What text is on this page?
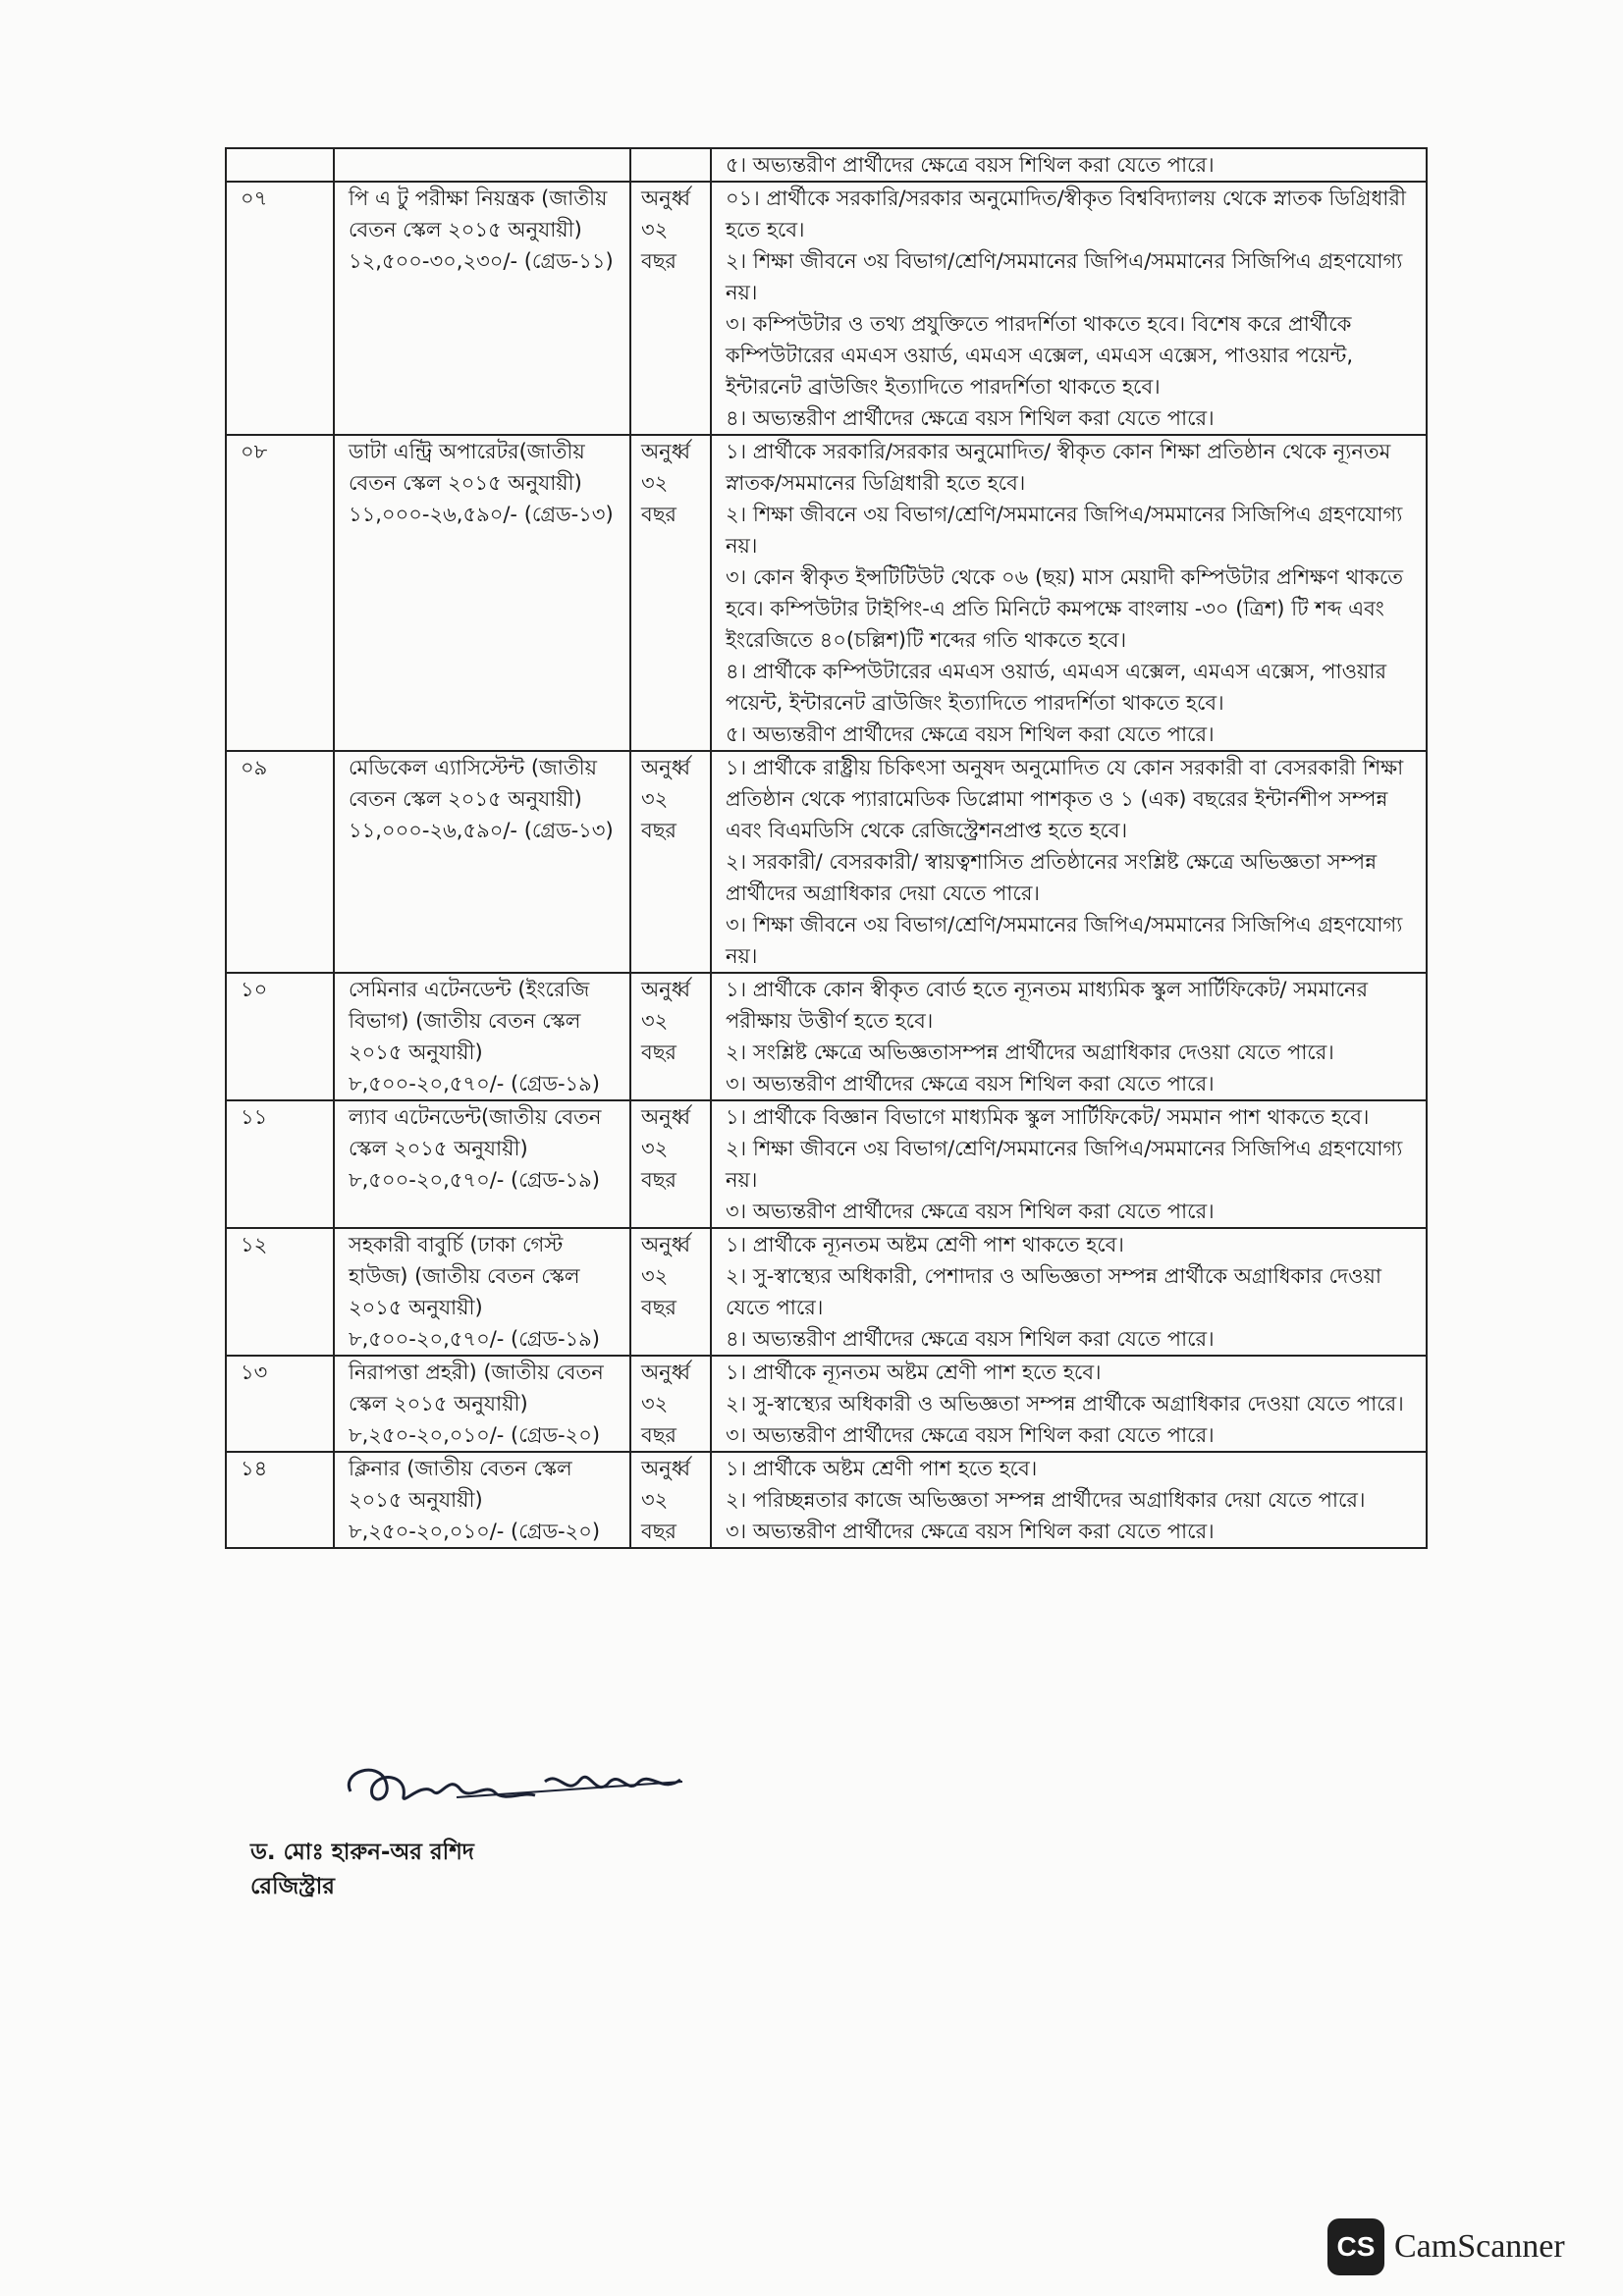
			৫। অভ্যন্তরীণ প্রার্থীদের ক্ষেত্রে বয়স শিথিল করা যেতে পারে।
০৭	পি এ টু পরীক্ষা নিয়ন্ত্রক (জাতীয় বেতন স্কেল ২০১৫ অনুযায়ী) ১২,৫০০-৩০,২৩০/- (গ্রেড-১১)	অনুর্ধ্ব ৩২ বছর	০১। প্রার্থীকে সরকারি/সরকার অনুমোদিত/স্বীকৃত বিশ্ববিদ্যালয় থেকে স্নাতক ডিগ্রিধারী হতে হবে।
২। শিক্ষা জীবনে ৩য় বিভাগ/শ্রেণি/সমমানের জিপিএ/সমমানের সিজিপিএ গ্রহণযোগ্য নয়।
৩। কম্পিউটার ও তথ্য প্রযুক্তিতে পারদর্শিতা থাকতে হবে। বিশেষ করে প্রার্থীকে কম্পিউটারের এমএস ওয়ার্ড, এমএস এক্সেল, এমএস এক্সেস, পাওয়ার পয়েন্ট, ইন্টারনেট ব্রাউজিং ইত্যাদিতে পারদর্শিতা থাকতে হবে।
৪। অভ্যন্তরীণ প্রার্থীদের ক্ষেত্রে বয়স শিথিল করা যেতে পারে।

০৮	ডাটা এন্ট্রি অপারেটর(জাতীয় বেতন স্কেল ২০১৫ অনুযায়ী) ১১,০০০-২৬,৫৯০/- (গ্রেড-১৩)	অনুর্ধ্ব ৩২ বছর	১। প্রার্থীকে সরকারি/সরকার অনুমোদিত/ স্বীকৃত কোন শিক্ষা প্রতিষ্ঠান থেকে ন্যূনতম স্নাতক/সমমানের ডিগ্রিধারী হতে হবে।
২। শিক্ষা জীবনে ৩য় বিভাগ/শ্রেণি/সমমানের জিপিএ/সমমানের সিজিপিএ গ্রহণযোগ্য নয়।
৩। কোন স্বীকৃত ইন্সটিটিউট থেকে ০৬ (ছয়) মাস মেয়াদী কম্পিউটার প্রশিক্ষণ থাকতে হবে। কম্পিউটার টাইপিং-এ প্রতি মিনিটে কমপক্ষে বাংলায় -৩০ (ত্রিশ) টি শব্দ এবং ইংরেজিতে ৪০(চল্লিশ)টি শব্দের গতি থাকতে হবে।
৪। প্রার্থীকে কম্পিউটারের এমএস ওয়ার্ড, এমএস এক্সেল, এমএস এক্সেস, পাওয়ার পয়েন্ট, ইন্টারনেট ব্রাউজিং ইত্যাদিতে পারদর্শিতা থাকতে হবে।
৫। অভ্যন্তরীণ প্রার্থীদের ক্ষেত্রে বয়স শিথিল করা যেতে পারে।

০৯	মেডিকেল এ্যাসিস্টেন্ট (জাতীয় বেতন স্কেল ২০১৫ অনুযায়ী) ১১,০০০-২৬,৫৯০/- (গ্রেড-১৩)	অনুর্ধ্ব ৩২ বছর	১। প্রার্থীকে রাষ্ট্রীয় চিকিৎসা অনুষদ অনুমোদিত যে কোন সরকারী বা বেসরকারী শিক্ষা প্রতিষ্ঠান থেকে প্যারামেডিক ডিপ্লোমা পাশকৃত ও ১ (এক) বছরের ইন্টার্নশীপ সম্পন্ন এবং বিএমডিসি থেকে রেজিস্ট্রেশনপ্রাপ্ত হতে হবে।
২। সরকারী/ বেসরকারী/ স্বায়ত্বশাসিত প্রতিষ্ঠানের সংশ্লিষ্ট ক্ষেত্রে অভিজ্ঞতা সম্পন্ন প্রার্থীদের অগ্রাধিকার দেয়া যেতে পারে।
৩। শিক্ষা জীবনে ৩য় বিভাগ/শ্রেণি/সমমানের জিপিএ/সমমানের সিজিপিএ গ্রহণযোগ্য নয়।

১০	সেমিনার এটেনডেন্ট (ইংরেজি বিভাগ) (জাতীয় বেতন স্কেল ২০১৫ অনুযায়ী) ৮,৫০০-২০,৫৭০/- (গ্রেড-১৯)	অনুর্ধ্ব ৩২ বছর	১। প্রার্থীকে কোন স্বীকৃত বোর্ড হতে ন্যূনতম মাধ্যমিক স্কুল সার্টিফিকেট/ সমমানের পরীক্ষায় উত্তীর্ণ হতে হবে।
২। সংশ্লিষ্ট ক্ষেত্রে অভিজ্ঞতাসম্পন্ন প্রার্থীদের অগ্রাধিকার দেওয়া যেতে পারে।
৩। অভ্যন্তরীণ প্রার্থীদের ক্ষেত্রে বয়স শিথিল করা যেতে পারে।

১১	ল্যাব এটেনডেন্ট(জাতীয় বেতন স্কেল ২০১৫ অনুযায়ী) ৮,৫০০-২০,৫৭০/- (গ্রেড-১৯)	অনুর্ধ্ব ৩২ বছর	১। প্রার্থীকে বিজ্ঞান বিভাগে মাধ্যমিক স্কুল সার্টিফিকেট/ সমমান পাশ থাকতে হবে।
২। শিক্ষা জীবনে ৩য় বিভাগ/শ্রেণি/সমমানের জিপিএ/সমমানের সিজিপিএ গ্রহণযোগ্য নয়।
৩। অভ্যন্তরীণ প্রার্থীদের ক্ষেত্রে বয়স শিথিল করা যেতে পারে।

১২	সহকারী বাবুর্চি (ঢাকা গেস্ট হাউজ) (জাতীয় বেতন স্কেল ২০১৫ অনুযায়ী) ৮,৫০০-২০,৫৭০/- (গ্রেড-১৯)	অনুর্ধ্ব ৩২ বছর	১। প্রার্থীকে ন্যূনতম অষ্টম শ্রেণী পাশ থাকতে হবে।
২। সু-স্বাস্থ্যের অধিকারী, পেশাদার ও অভিজ্ঞতা সম্পন্ন প্রার্থীকে অগ্রাধিকার দেওয়া যেতে পারে।
৪। অভ্যন্তরীণ প্রার্থীদের ক্ষেত্রে বয়স শিথিল করা যেতে পারে।

১৩	নিরাপত্তা প্রহরী) (জাতীয় বেতন স্কেল ২০১৫ অনুযায়ী) ৮,২৫০-২০,০১০/- (গ্রেড-২০)	অনুর্ধ্ব ৩২ বছর	১। প্রার্থীকে ন্যূনতম অষ্টম শ্রেণী পাশ হতে হবে।
২। সু-স্বাস্থ্যের অধিকারী ও অভিজ্ঞতা সম্পন্ন প্রার্থীকে অগ্রাধিকার দেওয়া যেতে পারে।
৩। অভ্যন্তরীণ প্রার্থীদের ক্ষেত্রে বয়স শিথিল করা যেতে পারে।

১৪	ক্লিনার (জাতীয় বেতন স্কেল ২০১৫ অনুযায়ী) ৮,২৫০-২০,০১০/- (গ্রেড-২০)	অনুর্ধ্ব ৩২ বছর	১। প্রার্থীকে অষ্টম শ্রেণী পাশ হতে হবে।
২। পরিচ্ছন্নতার কাজে অভিজ্ঞতা সম্পন্ন প্রার্থীদের অগ্রাধিকার দেয়া যেতে পারে।
৩। অভ্যন্তরীণ প্রার্থীদের ক্ষেত্রে বয়স শিথিল করা যেতে পারে।
ড. মোঃ হারুন-অর রশিদ
রেজিস্ট্রার
CS CamScanner
